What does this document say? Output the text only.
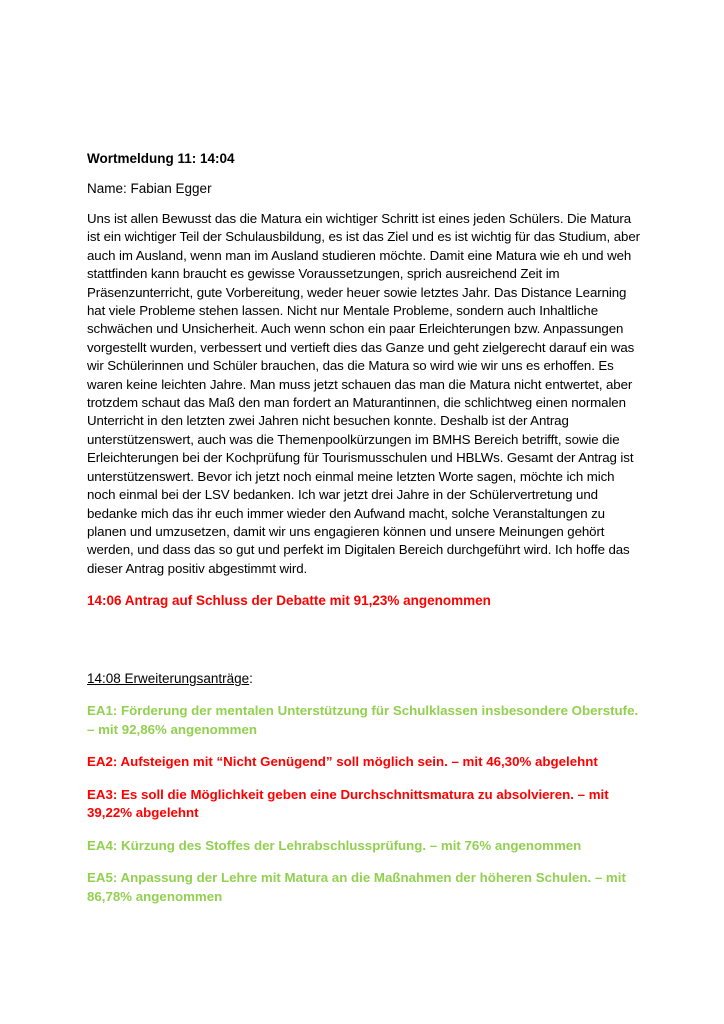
Wortmeldung 11: 14:04

Name: Fabian Egger

Uns ist allen Bewusst das die Matura ein wichtiger Schritt ist eines jeden Schülers. Die Matura ist ein wichtiger Teil der Schulausbildung, es ist das Ziel und es ist wichtig für das Studium, aber auch im Ausland, wenn man im Ausland studieren möchte. Damit eine Matura wie eh und weh stattfinden kann braucht es gewisse Voraussetzungen, sprich ausreichend Zeit im Präsenzunterricht, gute Vorbereitung, weder heuer sowie letztes Jahr. Das Distance Learning hat viele Probleme stehen lassen. Nicht nur Mentale Probleme, sondern auch Inhaltliche schwächen und Unsicherheit. Auch wenn schon ein paar Erleichterungen bzw. Anpassungen vorgestellt wurden, verbessert und vertieft dies das Ganze und geht zielgerecht darauf ein was wir Schülerinnen und Schüler brauchen, das die Matura so wird wie wir uns es erhoffen. Es waren keine leichten Jahre. Man muss jetzt schauen das man die Matura nicht entwertet, aber trotzdem schaut das Maß den man fordert an Maturantinnen, die schlichtweg einen normalen Unterricht in den letzten zwei Jahren nicht besuchen konnte. Deshalb ist der Antrag unterstützenswert, auch was die Themenpoolkürzungen im BMHS Bereich betrifft, sowie die Erleichterungen bei der Kochprüfung für Tourismusschulen und HBLWs. Gesamt der Antrag ist unterstützenswert. Bevor ich jetzt noch einmal meine letzten Worte sagen, möchte ich mich noch einmal bei der LSV bedanken. Ich war jetzt drei Jahre in der Schülervertretung und bedanke mich das ihr euch immer wieder den Aufwand macht, solche Veranstaltungen zu planen und umzusetzen, damit wir uns engagieren können und unsere Meinungen gehört werden, und dass das so gut und perfekt im Digitalen Bereich durchgeführt wird. Ich hoffe das dieser Antrag positiv abgestimmt wird.

14:06 Antrag auf Schluss der Debatte mit 91,23% angenommen

14:08 Erweiterungsanträge:

EA1: Förderung der mentalen Unterstützung für Schulklassen insbesondere Oberstufe. – mit 92,86% angenommen

EA2: Aufsteigen mit “Nicht Genügend” soll möglich sein. – mit 46,30% abgelehnt

EA3: Es soll die Möglichkeit geben eine Durchschnittsmatura zu absolvieren. – mit 39,22% abgelehnt

EA4: Kürzung des Stoffes der Lehrabschlussprüfung. – mit 76% angenommen

EA5: Anpassung der Lehre mit Matura an die Maßnahmen der höheren Schulen. – mit 86,78% angenommen
